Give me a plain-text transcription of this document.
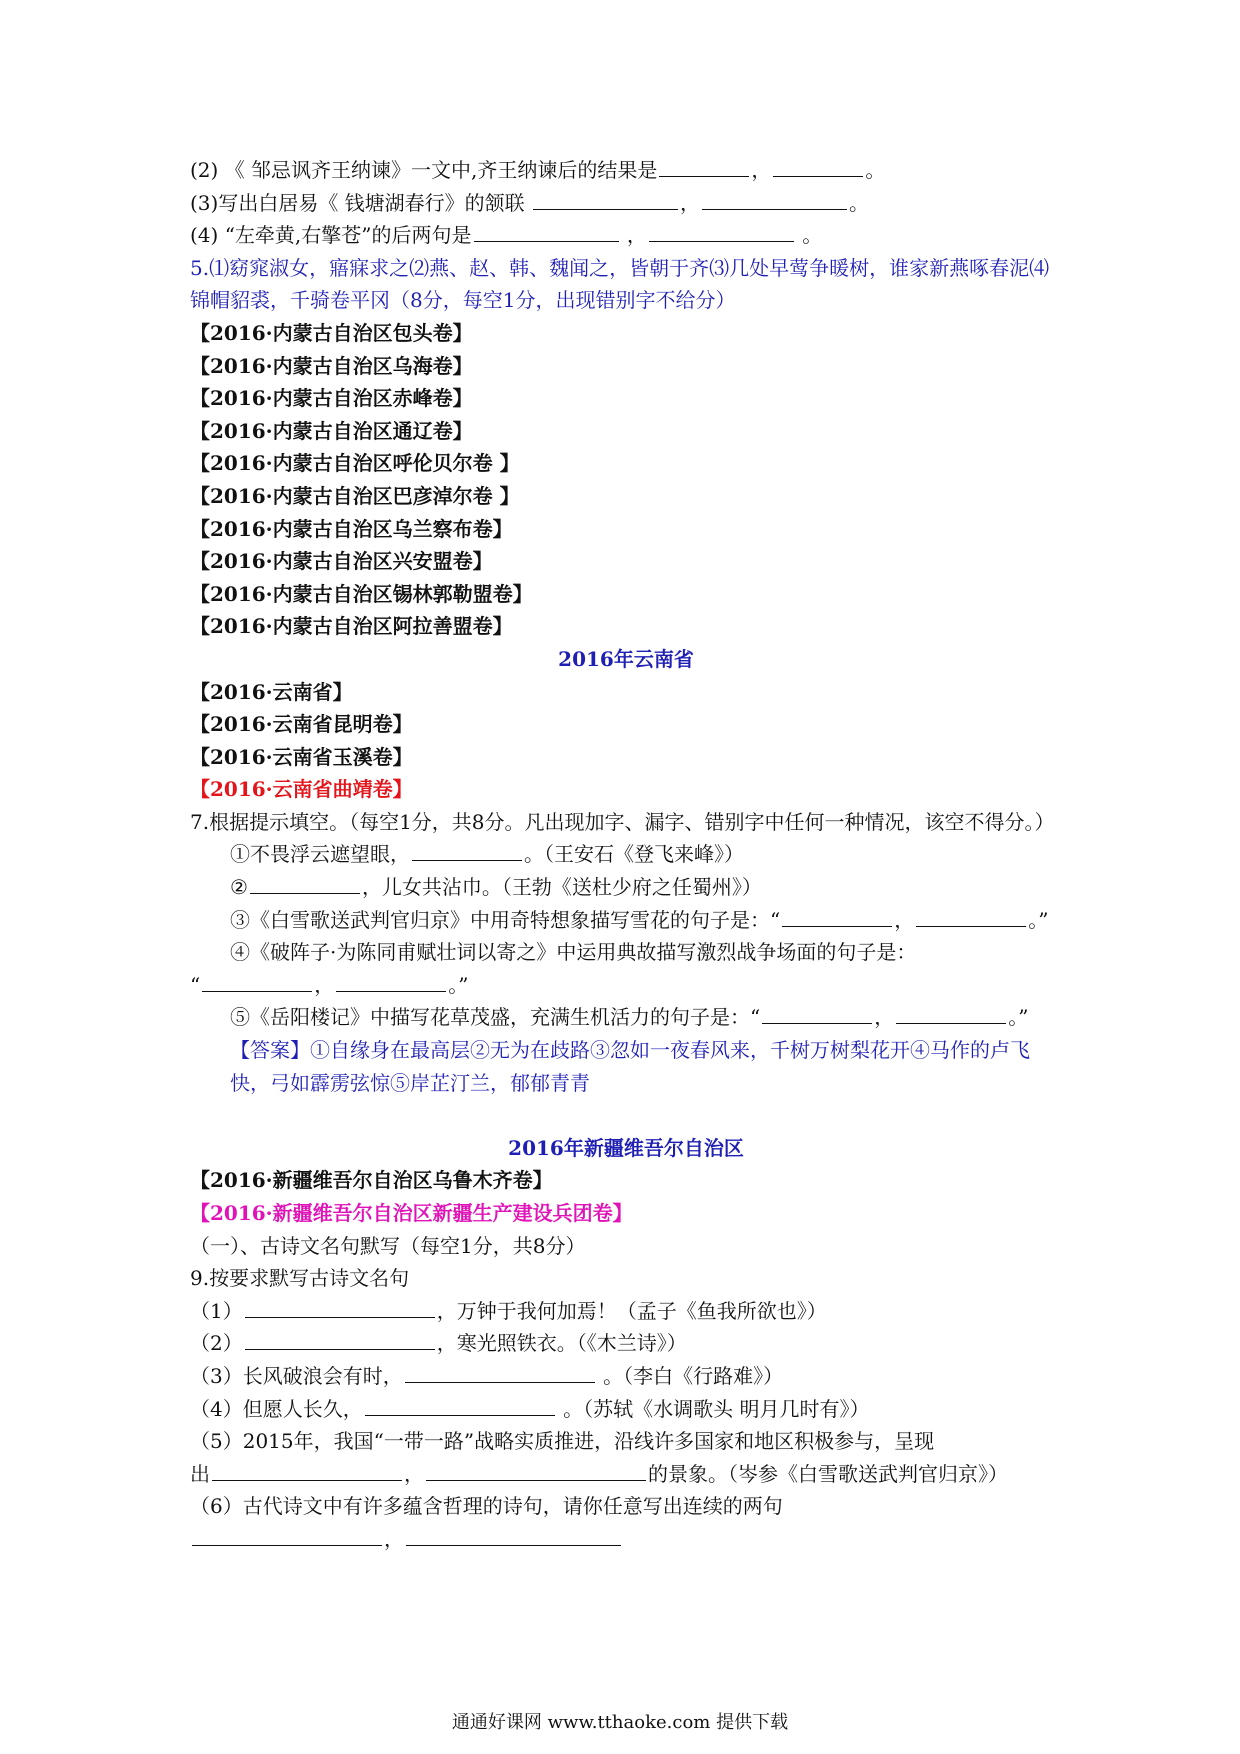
(2) 《 邹忌讽齐王纳谏》一文中,齐王纳谏后的结果是	，	。
(3)写出白居易《 钱塘湖春行》的颔联	，	。
(4) “左牵黄,右擎苍”的后两句是	，	。
5.⑴窈窕淑女，寤寐求之⑵燕、赵、韩、魏闻之，皆朝于齐⑶几处早莺争暖树，谁家新燕啄春泥⑷锦帽貂裘，千骑卷平冈（8分，每空1分，出现错别字不给分）
【2016·内蒙古自治区包头卷】
【2016·内蒙古自治区乌海卷】
【2016·内蒙古自治区赤峰卷】
【2016·内蒙古自治区通辽卷】
【2016·内蒙古自治区呼伦贝尔卷 】
【2016·内蒙古自治区巴彦淖尔卷 】
【2016·内蒙古自治区乌兰察布卷】
【2016·内蒙古自治区兴安盟卷】
【2016·内蒙古自治区锡林郭勒盟卷】
【2016·内蒙古自治区阿拉善盟卷】
2016年云南省
【2016·云南省】
【2016·云南省昆明卷】
【2016·云南省玉溪卷】
【2016·云南省曲靖卷】
7.根据提示填空。（每空1分，共8分。凡出现加字、漏字、错别字中任何一种情况，该空不得分。）
①不畏浮云遮望眼，	。（王安石《登飞来峰》）
②	，儿女共沾巾。（王勃《送杜少府之任蜀州》）
③《白雪歌送武判官归京》中用奇特想象描写雪花的句子是：“	，	。”
④《破阵子·为陈同甫赋壮词以寄之》中运用典故描写激烈战争场面的句子是：
“	，	。”
⑤《岳阳楼记》中描写花草茂盛，充满生机活力的句子是：“	，	。”
【答案】①自缘身在最高层②无为在歧路③忽如一夜春风来，千树万树梨花开④马作的卢飞快，弓如霹雳弦惊⑤岸芷汀兰，郁郁青青
2016年新疆维吾尔自治区
【2016·新疆维吾尔自治区乌鲁木齐卷】
【2016·新疆维吾尔自治区新疆生产建设兵团卷】
（一）、古诗文名句默写（每空1分，共8分）
9.按要求默写古诗文名句
（1）	，万钟于我何加焉！（孟子《鱼我所欲也》）
（2）	，寒光照铁衣。（《木兰诗》）
（3）长风破浪会有时，	。（李白《行路难》）
（4）但愿人长久，	。（苏轼《水调歌头 明月几时有》）
（5）2015年，我国“一带一路”战略实质推进，沿线许多国家和地区积极参与，呈现
出	，	的景象。（岑参《白雪歌送武判官归京》）
（6）古代诗文中有许多蕴含哲理的诗句，请你任意写出连续的两句
，
通通好课网 www.tthaoke.com 提供下载
